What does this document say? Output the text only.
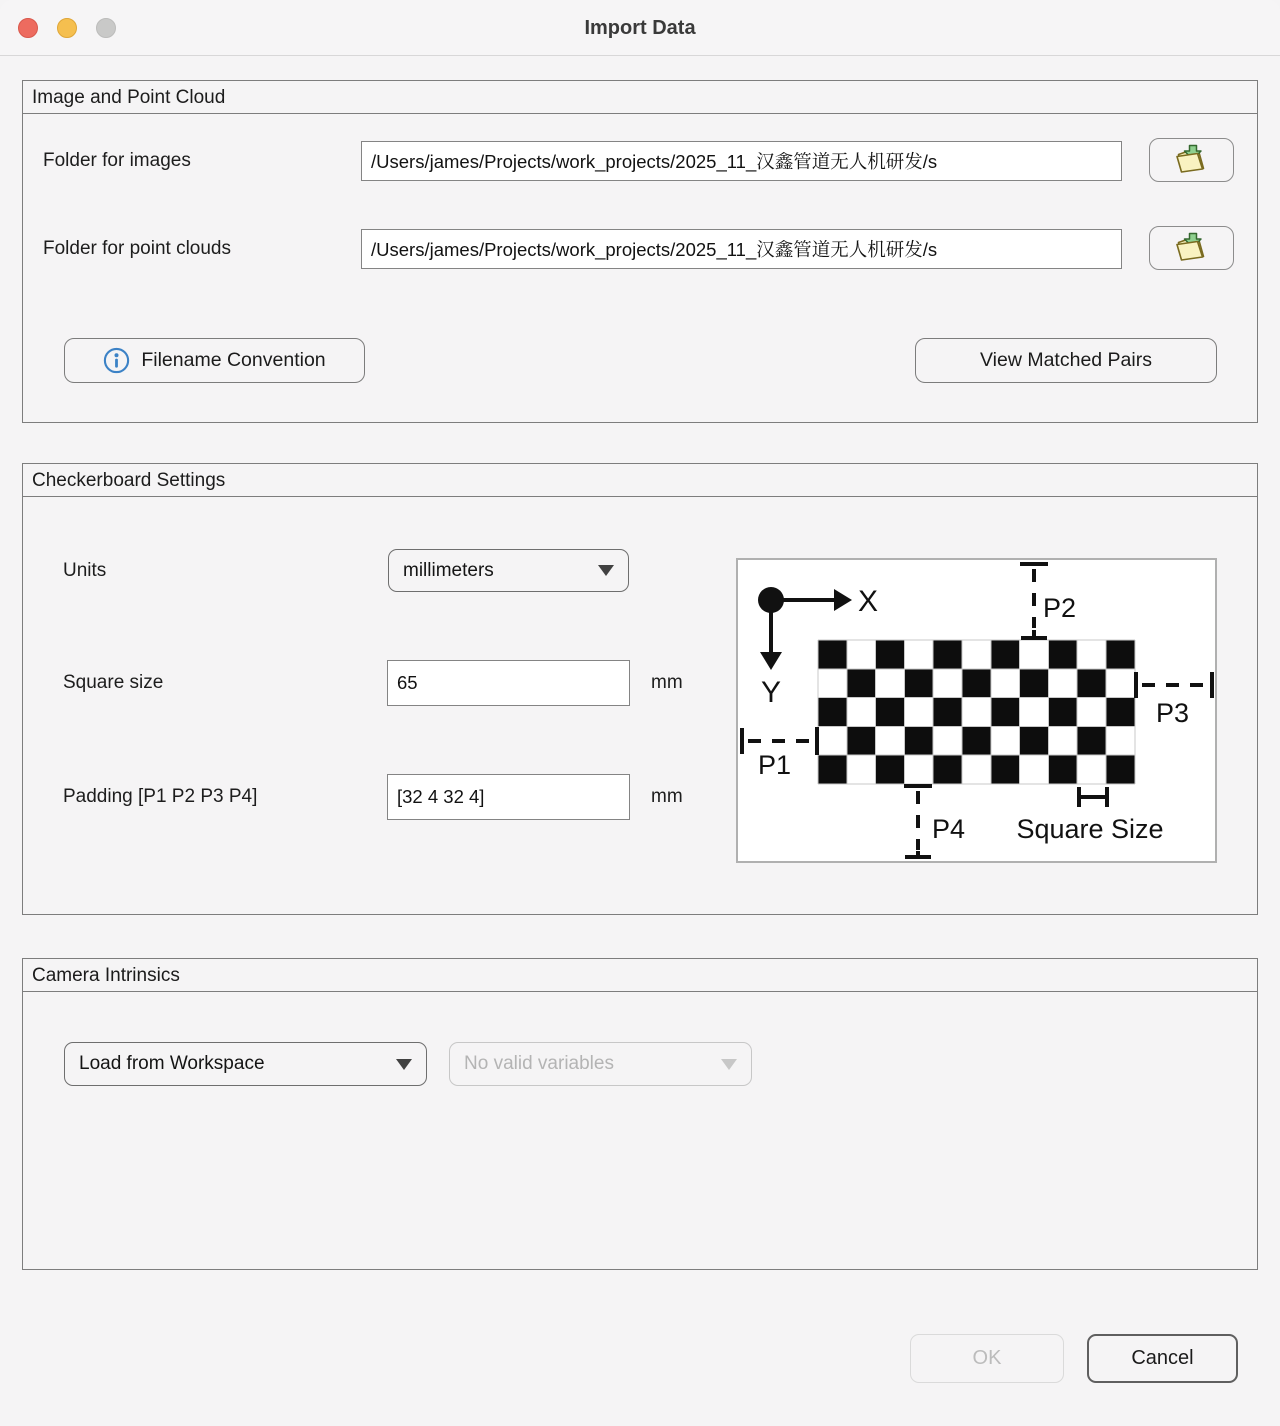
Import Data
Image and Point Cloud
Folder for images
/Users/james/Projects/work_projects/2025_11_汉鑫管道无人机研发/s
Folder for point clouds
/Users/james/Projects/work_projects/2025_11_汉鑫管道无人机研发/s
Filename Convention	View Matched Pairs
Checkerboard Settings
Units	millimeters
Square size
65	mm
Padding [P1 P2 P3 P4]
[32 4 32 4]	mm
X
Y
P2
P3
P1
P4 Square Size
Camera Intrinsics
Load from Workspace	No valid variables
OK	Cancel
